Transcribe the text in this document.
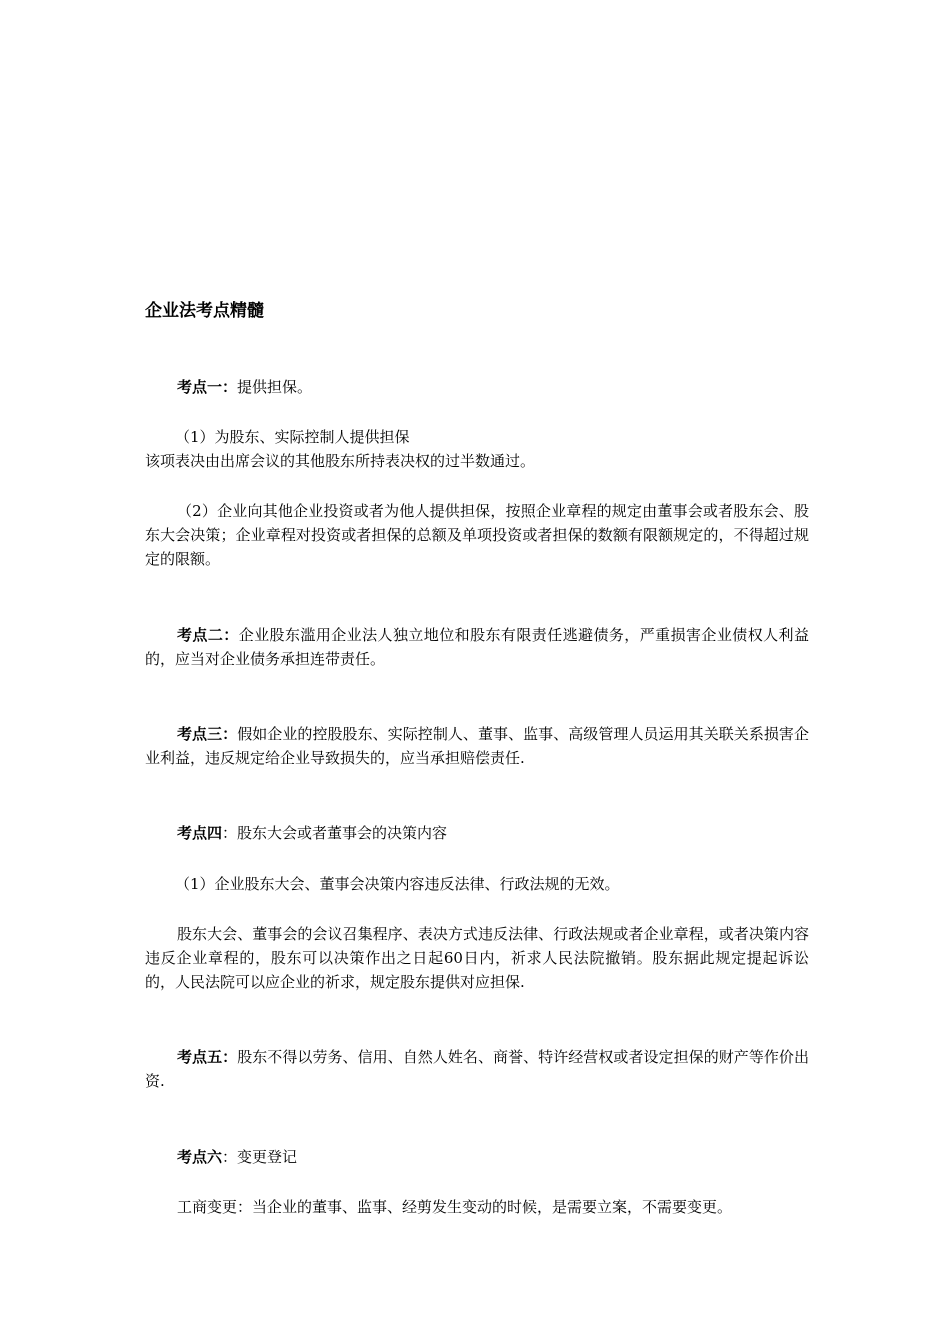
企业法考点精髓

考点一：提供担保。

（1）为股东、实际控制人提供担保

该项表决由出席会议的其他股东所持表决权的过半数通过。

（2）企业向其他企业投资或者为他人提供担保，按照企业章程的规定由董事会或者股东会、股东大会决策；企业章程对投资或者担保的总额及单项投资或者担保的数额有限额规定的，不得超过规定的限额。

考点二：企业股东滥用企业法人独立地位和股东有限责任逃避债务，严重损害企业债权人利益的，应当对企业债务承担连带责任。

考点三：假如企业的控股股东、实际控制人、董事、监事、高级管理人员运用其关联关系损害企业利益，违反规定给企业导致损失的，应当承担赔偿责任.

考点四：股东大会或者董事会的决策内容

（1）企业股东大会、董事会决策内容违反法律、行政法规的无效。

股东大会、董事会的会议召集程序、表决方式违反法律、行政法规或者企业章程，或者决策内容违反企业章程的，股东可以决策作出之日起60日内，祈求人民法院撤销。股东据此规定提起诉讼的，人民法院可以应企业的祈求，规定股东提供对应担保.

考点五：股东不得以劳务、信用、自然人姓名、商誉、特许经营权或者设定担保的财产等作价出资.

考点六：变更登记

工商变更：当企业的董事、监事、经剪发生变动的时候，是需要立案，不需要变更。
